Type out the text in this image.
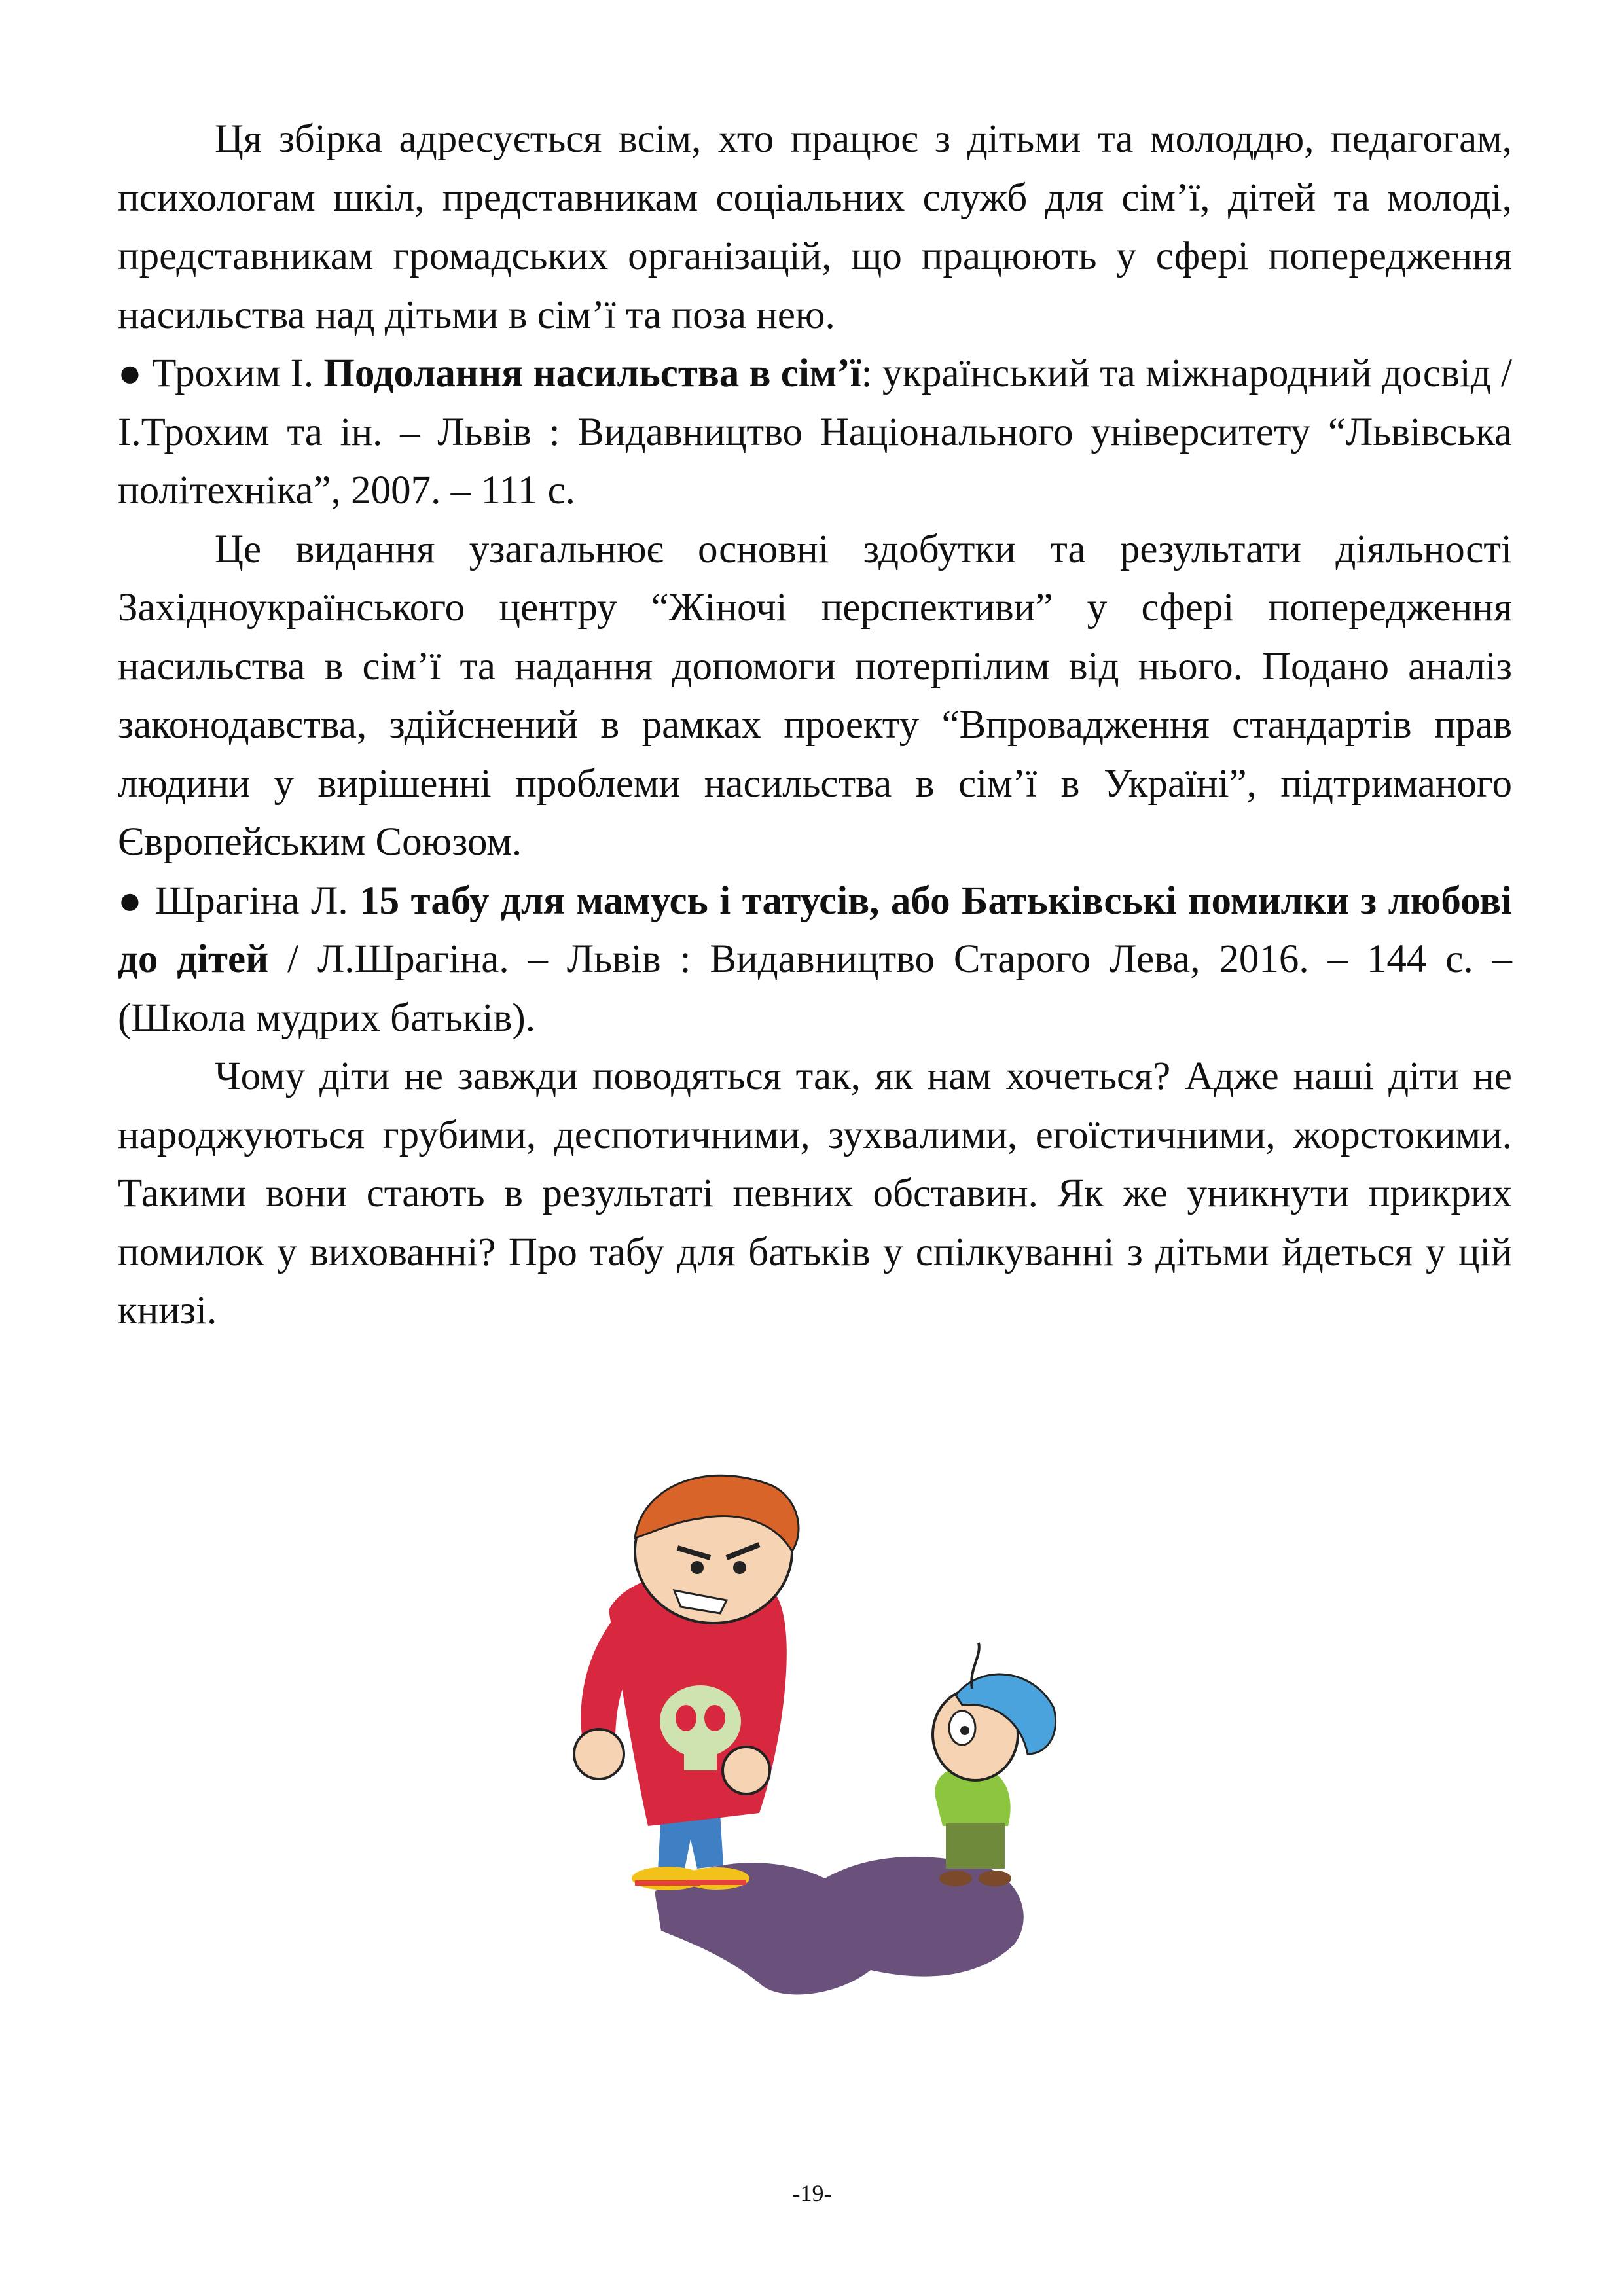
Ця збірка адресується всім, хто працює з дітьми та молоддю, педагогам, психологам шкіл, представникам соціальних служб для сім’ї, дітей та молоді, представникам громадських організацій, що працюють у сфері попередження насильства над дітьми в сім’ї та поза нею.

● Трохим І. Подолання насильства в сім’ї: український та міжнародний досвід / І.Трохим та ін. – Львів : Видавництво Національного університету “Львівська політехніка”, 2007. – 111 с.

Це видання узагальнює основні здобутки та результати діяльності Західноукраїнського центру “Жіночі перспективи” у сфері попередження насильства в сім’ї та надання допомоги потерпілим від нього. Подано аналіз законодавства, здійснений в рамках проекту “Впровадження стандартів прав людини у вирішенні проблеми насильства в сім’ї в Україні”, підтриманого Європейським Союзом.

● Шрагіна Л. 15 табу для мамусь і татусів, або Батьківські помилки з любові до дітей / Л.Шрагіна. – Львів : Видавництво Старого Лева, 2016. – 144 с. – (Школа мудрих батьків).

Чому діти не завжди поводяться так, як нам хочеться? Адже наші діти не народжуються грубими, деспотичними, зухвалими, егоїстичними, жорстокими. Такими вони стають в результаті певних обставин. Як же уникнути прикрих помилок у вихованні? Про табу для батьків у спілкуванні з дітьми йдеться у цій книзі.

-19-
